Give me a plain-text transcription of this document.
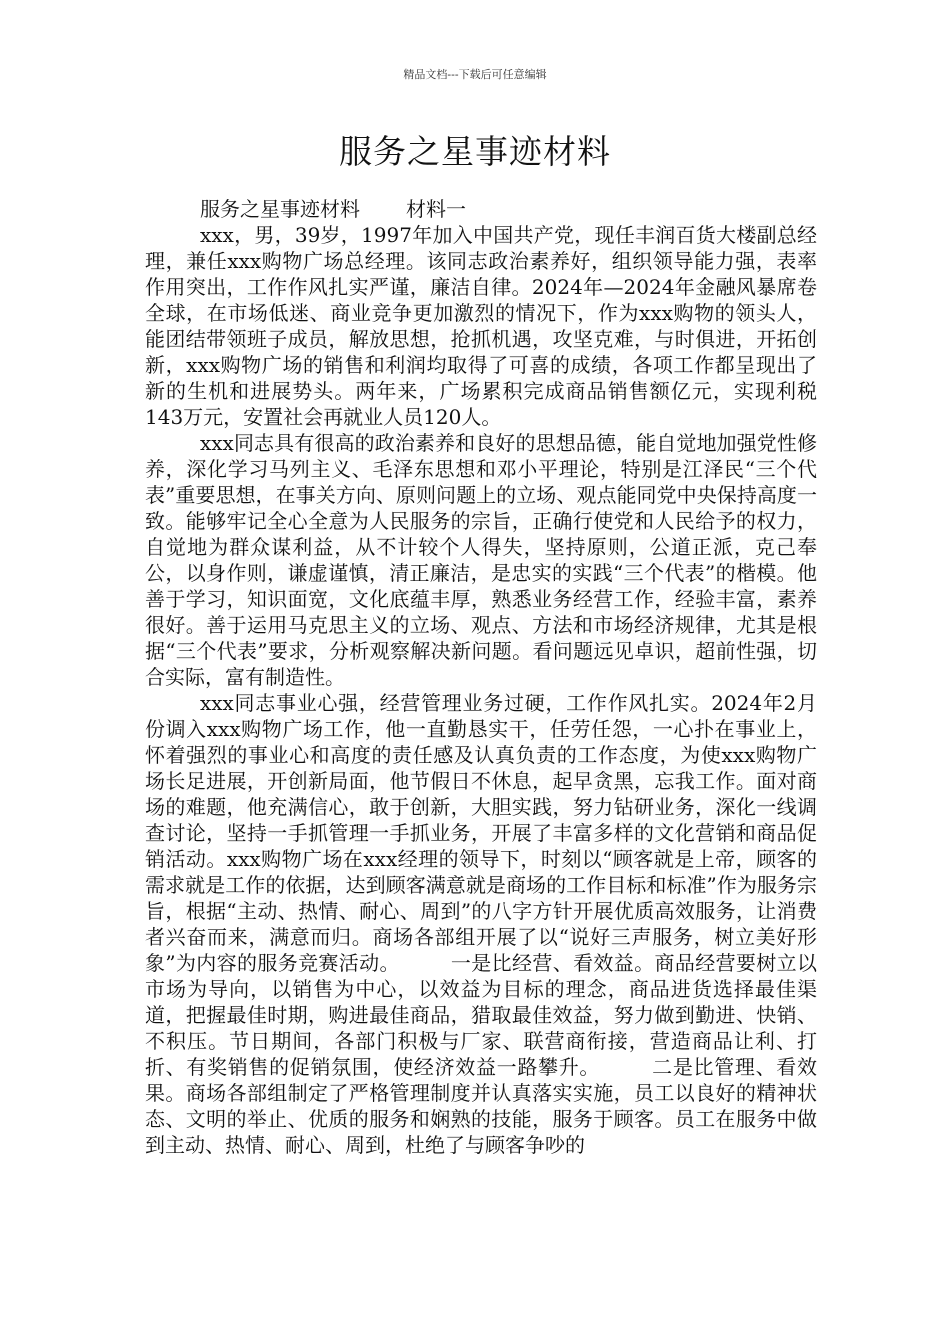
精品文档---下载后可任意编辑
服务之星事迹材料
服务之星事迹材料 材料一

xxx，男，39岁，1997年加入中国共产党，现任丰润百货大楼副总经理，兼任xxx购物广场总经理。该同志政治素养好，组织领导能力强，表率作用突出，工作作风扎实严谨，廉洁自律。2024年—2024年金融风暴席卷全球，在市场低迷、商业竞争更加激烈的情况下，作为xxx购物的领头人，能团结带领班子成员，解放思想，抢抓机遇，攻坚克难，与时俱进，开拓创新，xxx购物广场的销售和利润均取得了可喜的成绩，各项工作都呈现出了新的生机和进展势头。两年来，广场累积完成商品销售额亿元，实现利税143万元，安置社会再就业人员120人。

xxx同志具有很高的政治素养和良好的思想品德，能自觉地加强党性修养，深化学习马列主义、毛泽东思想和邓小平理论，特别是江泽民“三个代表”重要思想，在事关方向、原则问题上的立场、观点能同党中央保持高度一致。能够牢记全心全意为人民服务的宗旨，正确行使党和人民给予的权力，自觉地为群众谋利益，从不计较个人得失，坚持原则，公道正派，克己奉公，以身作则，谦虚谨慎，清正廉洁，是忠实的实践“三个代表”的楷模。他善于学习，知识面宽，文化底蕴丰厚，熟悉业务经营工作，经验丰富，素养很好。善于运用马克思主义的立场、观点、方法和市场经济规律，尤其是根据“三个代表”要求，分析观察解决新问题。看问题远见卓识，超前性强，切合实际，富有制造性。

xxx同志事业心强，经营管理业务过硬，工作作风扎实。2024年2月份调入xxx购物广场工作，他一直勤恳实干，任劳任怨，一心扑在事业上，怀着强烈的事业心和高度的责任感及认真负责的工作态度，为使xxx购物广场长足进展，开创新局面，他节假日不休息，起早贪黑，忘我工作。面对商场的难题，他充满信心，敢于创新，大胆实践，努力钻研业务，深化一线调查讨论，坚持一手抓管理一手抓业务，开展了丰富多样的文化营销和商品促销活动。xxx购物广场在xxx经理的领导下，时刻以“顾客就是上帝，顾客的需求就是工作的依据，达到顾客满意就是商场的工作目标和标准”作为服务宗旨，根据“主动、热情、耐心、周到”的八字方针开展优质高效服务，让消费者兴奋而来，满意而归。商场各部组开展了以“说好三声服务，树立美好形象”为内容的服务竞赛活动。　　　一是比经营、看效益。商品经营要树立以市场为导向，以销售为中心，以效益为目标的理念，商品进货选择最佳渠道，把握最佳时期，购进最佳商品，猎取最佳效益，努力做到勤进、快销、不积压。节日期间，各部门积极与厂家、联营商衔接，营造商品让利、打折、有奖销售的促销氛围，使经济效益一路攀升。　　　二是比管理、看效果。商场各部组制定了严格管理制度并认真落实实施，员工以良好的精神状态、文明的举止、优质的服务和娴熟的技能，服务于顾客。员工在服务中做到主动、热情、耐心、周到，杜绝了与顾客争吵的
